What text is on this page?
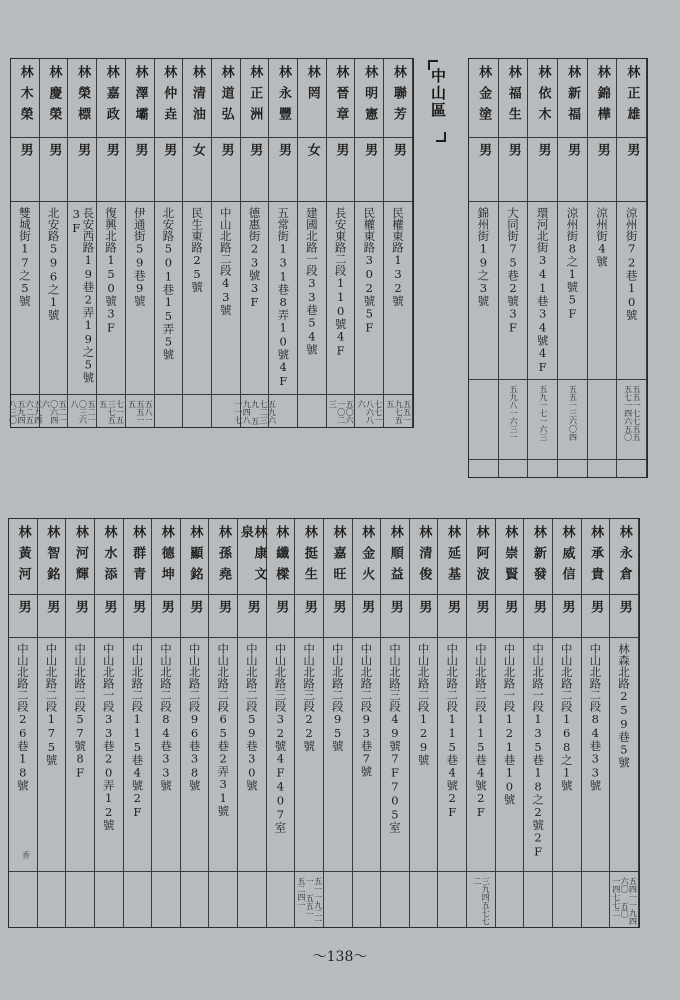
中山區
林木榮
男
雙城街17之5號
五九四六二五 五九四八三〇
林慶榮
男
北安路596之1號
五二一〇六四六
林榮標
男
長安西路19巷2弄19之5號3F
五二一〇三六八
林嘉政
男
復興北路150號3F
七一五三七五五
林澤壩
男
伊通街59巷9號
五八一五五一五
林仲垚
男
北安路501巷15弄5號
林清油
女
民生東路25號
林道弘
男
中山北路二段43號
林正洲
男
德惠街23號3F
五九六七二三九 五九四八一一七
林永豐
男
五常街131巷8弄10號4F
林罔
女
建國北路一段33巷54號
林晉章
男
長安東路二段110號4F
五〇六一〇二三
林明憲
男
民權東路302號5F
七七一八六八六
林聯芳
男
民權東路132號
五五一九七五五
林金塗
男
錦州街19之3號
林福生
男
大同街75巷2號3F
五九八一六三一
林依木
男
環河北街341巷34號4F
五九一七一六三
林新福
男
涼州街8之1號5F
五五一三六〇四
林錦樺
男
涼州街4號
林正雄
男
涼州街72巷10號
五五一七七五五 五七一四六五〇
林黃河
男
中山北路二段26巷18號
林智銘
男
中山北路二段175號
林河輝
男
中山北路二段57號8F
林水添
男
中山北路一段33巷20弄12號
林群青
男
中山北路二段115巷4號2F
林德坤
男
中山北路二段84巷33號
林顯銘
男
中山北路二段96巷38號
林孫堯
男
中山北路二段65巷2弄31號
林康文泉
男
中山北路二段59巷30號
林纖樑
男
中山北路三段32號4F407室
林挺生
男
中山北路三段22號
五一一九二一一 五五一五二四一
林嘉旺
男
中山北路二段95號
林金火
男
中山北路二段93巷7號
林順益
男
中山北路三段49號7F705室
林清俊
男
中山北路二段129號
林延基
男
中山北路二段115巷4號2F
林阿波
男
中山北路二段115巷4號2F
三九四五七七二
林崇賢
男
中山北路一段121巷10號
林新發
男
中山北路一段135巷18之2號2F
林威信
男
中山北路二段168之1號
林承貴
男
中山北路二段84巷33號
林永倉
男
林森北路259巷5號
五四一一九四六〇 五〇一四七七二
香
～138～
